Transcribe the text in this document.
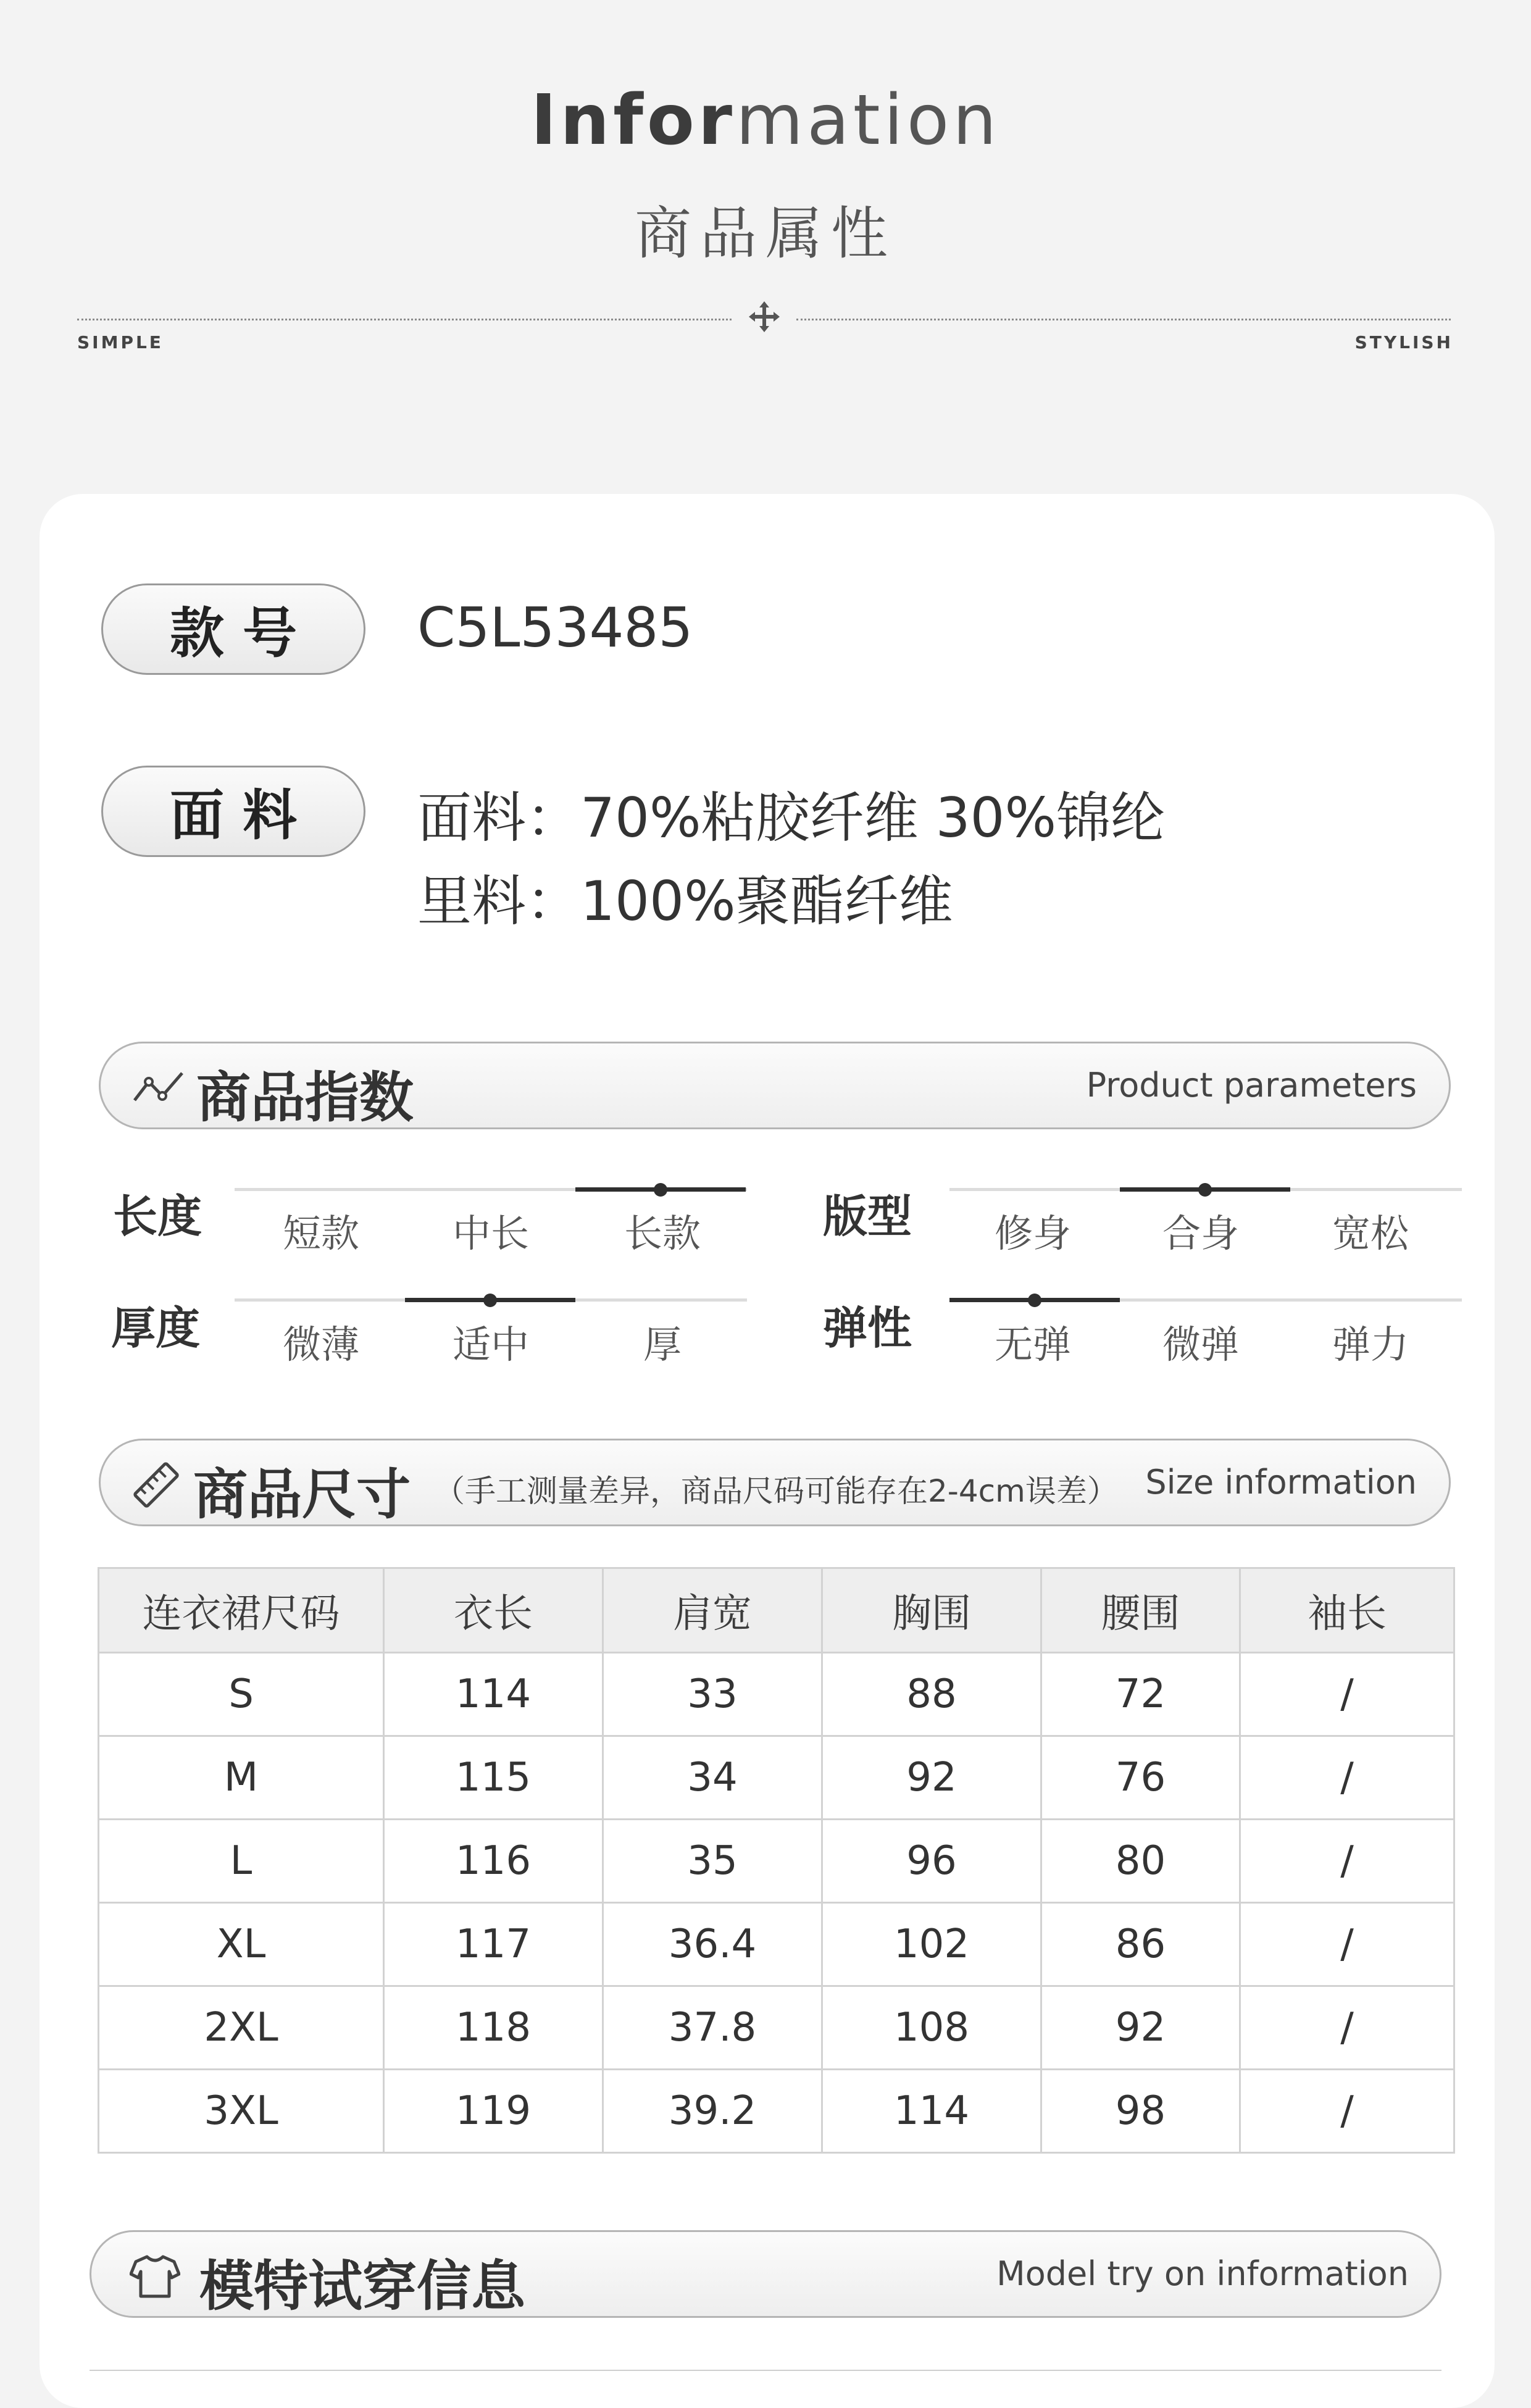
Information
商品属性
SIMPLE	STYLISH
款号	C5L53485
面料	面料：70%粘胶纤维 30%锦纶
里料：100%聚酯纤维
商品指数	Product parameters
长度	短款	中长	长款	版型	修身	合身	宽松
厚度	微薄	适中	厚	弹性	无弹	微弹	弹力
商品尺寸 （手工测量差异，商品尺码可能存在2-4cm误差） Size information
连衣裙尺码	衣长	肩宽	胸围	腰围	袖长
S	114	33	88	72	/
M	115	34	92	76	/
L	116	35	96	80	/
XL	117	36.4	102	86	/
2XL	118	37.8	108	92	/
3XL	119	39.2	114	98	/
模特试穿信息	Model try on information
